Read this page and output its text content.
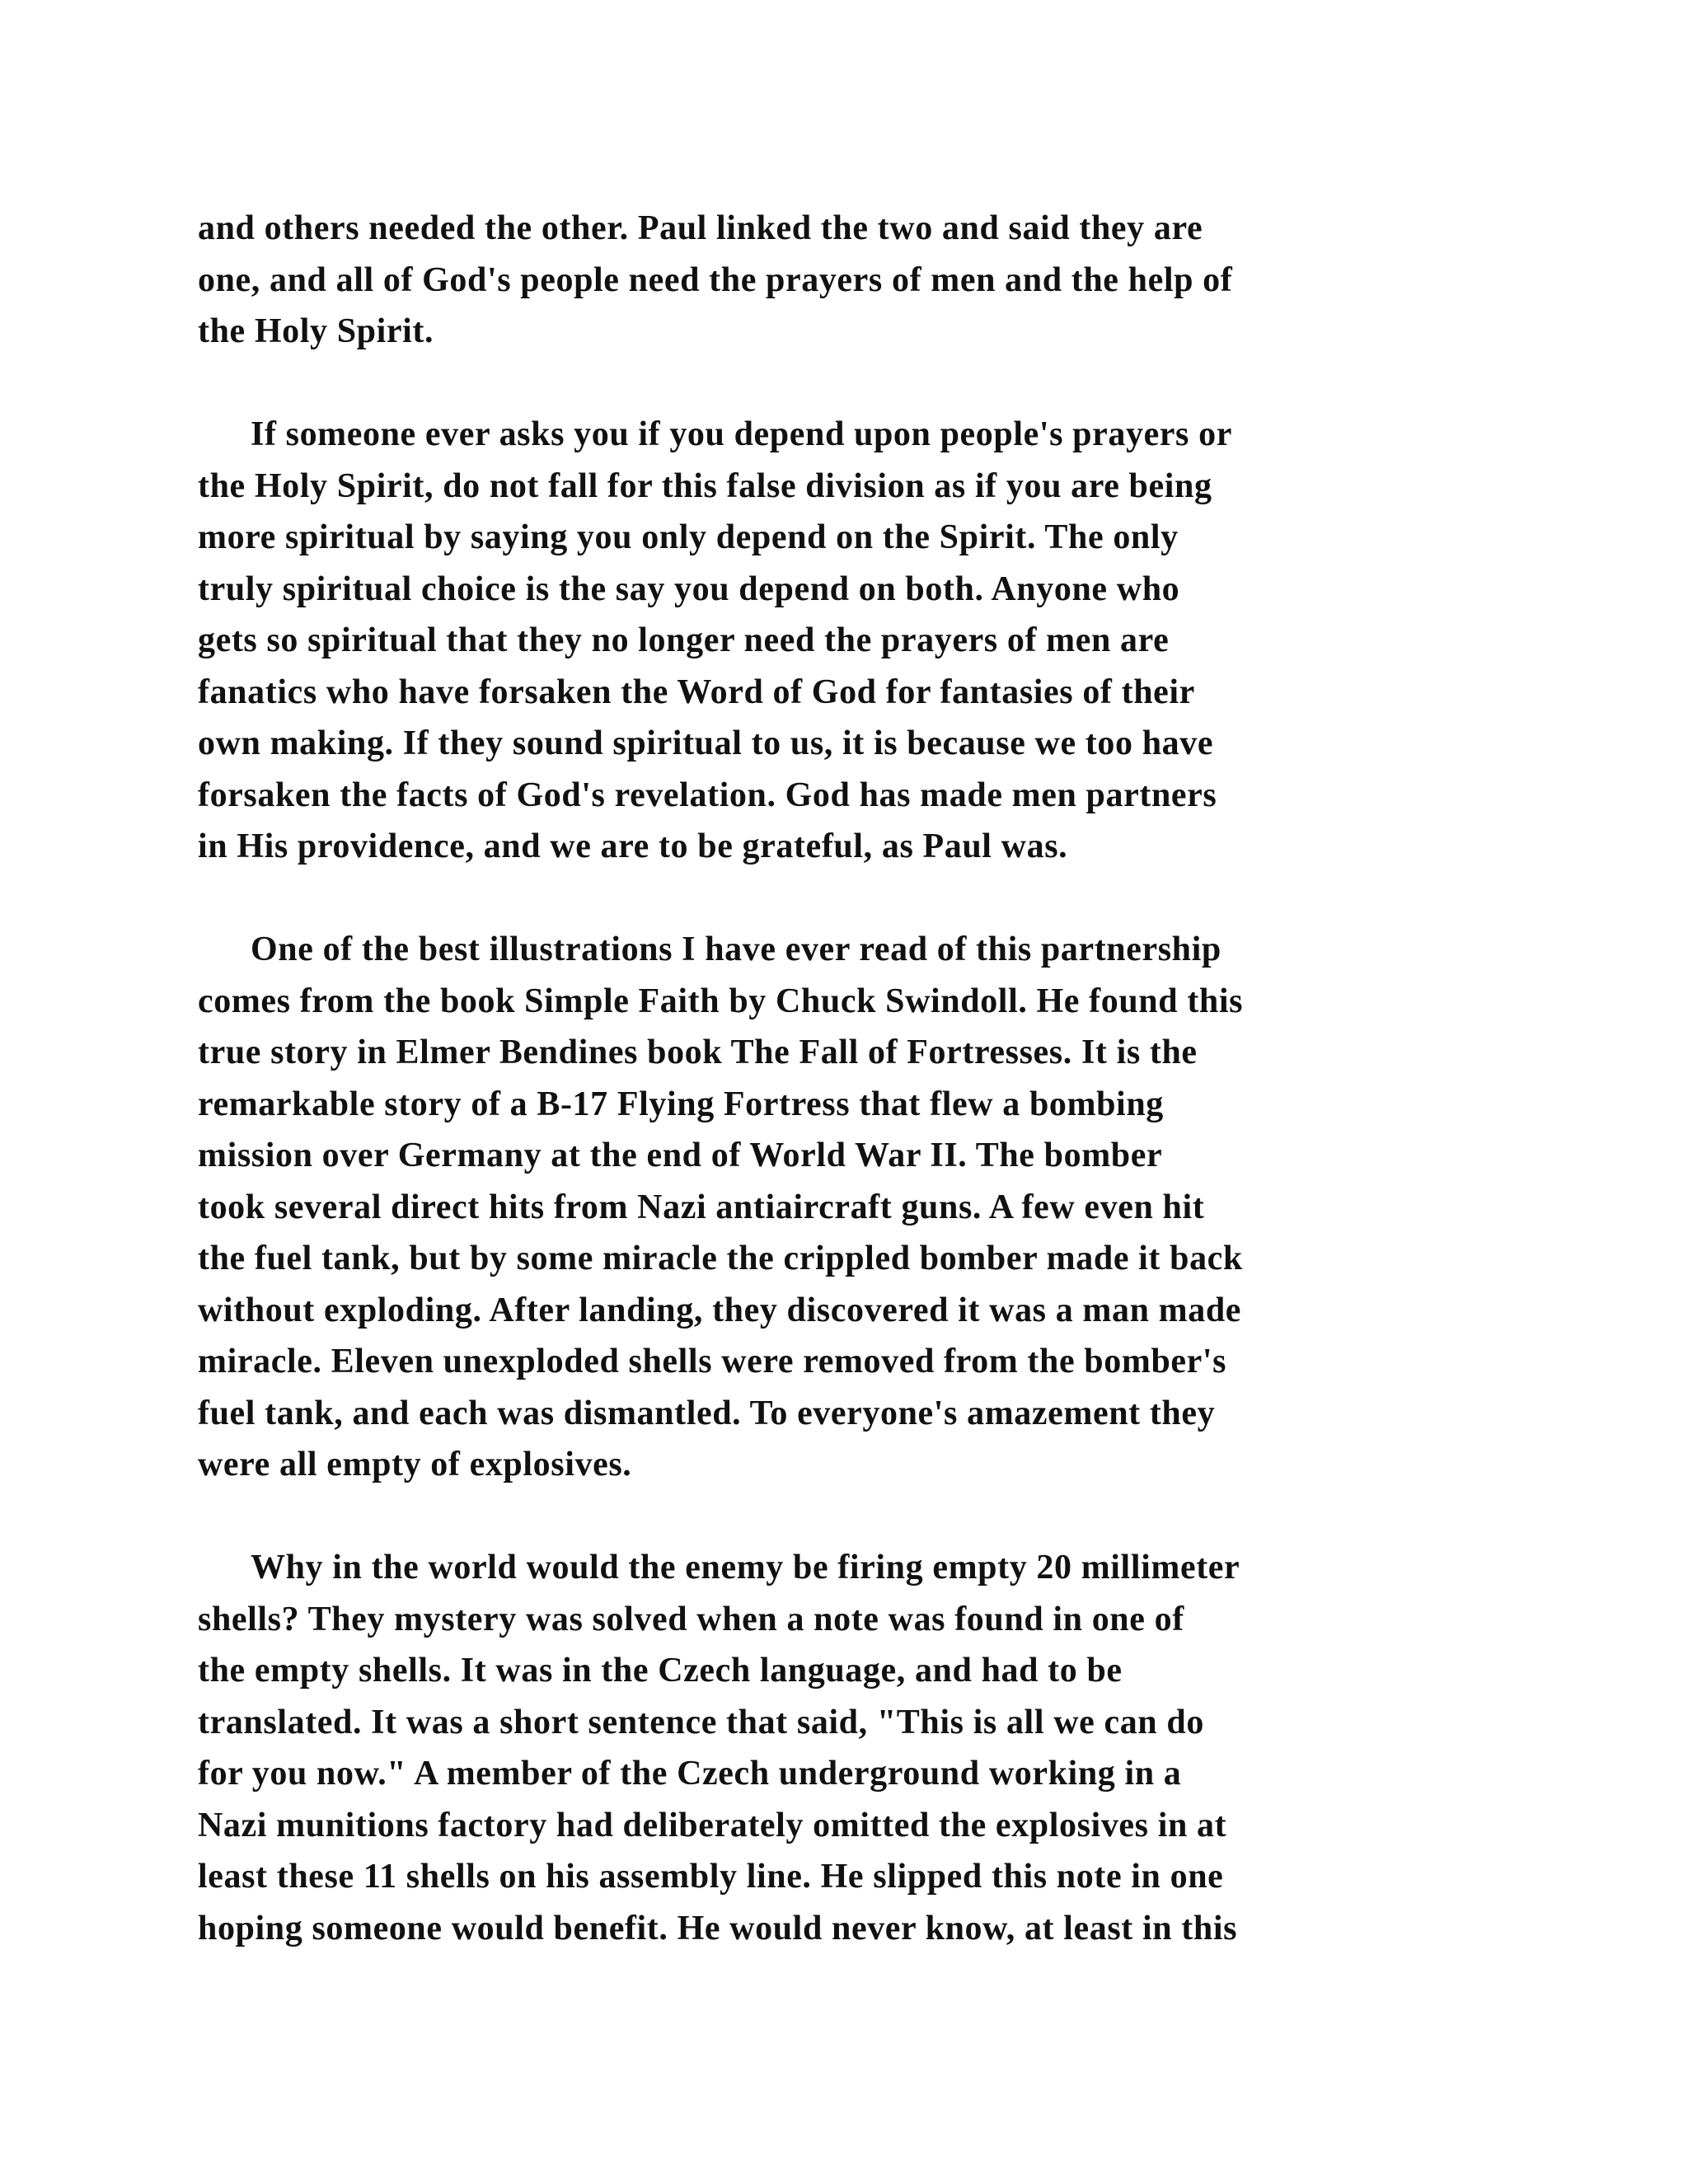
and others needed the other. Paul linked the two and said they are
one, and all of God's people need the prayers of men and the help of
the Holy Spirit.

If someone ever asks you if you depend upon people's prayers or
the Holy Spirit, do not fall for this false division as if you are being
more spiritual by saying you only depend on the Spirit. The only
truly spiritual choice is the say you depend on both. Anyone who
gets so spiritual that they no longer need the prayers of men are
fanatics who have forsaken the Word of God for fantasies of their
own making. If they sound spiritual to us, it is because we too have
forsaken the facts of God's revelation. God has made men partners
in His providence, and we are to be grateful, as Paul was.

One of the best illustrations I have ever read of this partnership
comes from the book Simple Faith by Chuck Swindoll. He found this
true story in Elmer Bendines book The Fall of Fortresses. It is the
remarkable story of a B-17 Flying Fortress that flew a bombing
mission over Germany at the end of World War II. The bomber
took several direct hits from Nazi antiaircraft guns. A few even hit
the fuel tank, but by some miracle the crippled bomber made it back
without exploding. After landing, they discovered it was a man made
miracle. Eleven unexploded shells were removed from the bomber's
fuel tank, and each was dismantled. To everyone's amazement they
were all empty of explosives.

Why in the world would the enemy be firing empty 20 millimeter
shells? They mystery was solved when a note was found in one of
the empty shells. It was in the Czech language, and had to be
translated. It was a short sentence that said, "This is all we can do
for you now." A member of the Czech underground working in a
Nazi munitions factory had deliberately omitted the explosives in at
least these 11 shells on his assembly line. He slipped this note in one
hoping someone would benefit. He would never know, at least in this
